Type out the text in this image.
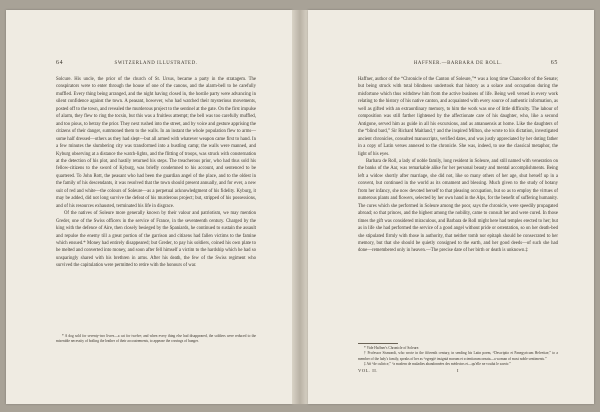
64	SWITZERLAND ILLUSTRATED.

Solcure. His uncle, the prior of the church of St. Ursus, became a party in the stratagem. The conspirators were to enter through the house of one of the canons, and the alarm-bell to be carefully muffled. Every thing being arranged, and the night having closed in, the hostile party were advancing in silent confidence against the town. A peasant, however, who had watched their mysterious movements, posted off to the town, and revealed the murderous project to the sentinel at the gate. On the first impulse of alarm, they flew to ring the tocsin, but this was a fruitless attempt; the bell was too carefully muffled, and too pious, to betray the prior. They next rushed into the street, and by voice and gesture apprising the citizens of their danger, summoned them to the walls. In an instant the whole population flew to arms—some half dressed—others as they had slept—but all armed with whatever weapon came first to hand. In a few minutes the slumbering city was transformed into a bustling camp; the walls were manned, and Kyburg observing at a distance the watch-lights, and the flitting of troops, was struck with consternation at the detection of his plot, and hastily returned his steps. The treacherous prior, who had thus sold his fellow-citizens to the sword of Kyburg, was briefly condemned to his account, and sentenced to be quartered. To John Rott, the peasant who had been the guardian angel of the place, and to the oldest in the family of his descendants, it was resolved that the town should present annually, and for ever, a new suit of red and white—the colours of Soleure—as a perpetual acknowledgment of his fidelity. Kyburg, it may be added, did not long survive the defeat of his murderous project; but, stripped of his possessions, and of his resources exhausted, terminated his life in disgrace.

Of the natives of Soleure more generally known by their valour and patriotism, we may mention Greder, one of the Swiss officers in the service of France, in the seventeenth century. Charged by the king with the defence of Aire, then closely besieged by the Spaniards, he continued to sustain the assault and repulse the enemy till a great portion of the garrison and citizens had fallen victims to the famine which ensued.* Money had entirely disappeared; but Greder, to pay his soldiers, coined his own plate to be melted and converted into money, and soon after fell himself a victim to the hardship which he had so unsparingly shared with his brethren in arms. After his death, the few of the Swiss regiment who survived the capitulation were permitted to retire with the honours of war.

* A dog sold for seventy-two livres—a cat for twelve; and when every thing else had disappeared, the soldiers were reduced to the miserable necessity of boiling the leather of their accoutrements, to appease the cravings of hunger.

HAFFNER.—BARBARA DE ROLL.	65

Haffner, author of the “Chronicle of the Canton of Soleure,”* was a long time Chancellor of the Senate; but being struck with total blindness undertook that history as a solace and occupation during the misfortune which thus withdrew him from the active business of life. Being well versed in every work relating to the history of his native canton, and acquainted with every source of authentic information, as well as gifted with an extraordinary memory, to him the work was one of little difficulty. The labour of composition was still farther lightened by the affectionate care of his daughter, who, like a second Antigone, served him as guide in all his excursions, and as amanuensis at home. Like the daughters of the “blind bard,” Sir Richard Maitland,† and the inspired Milton, she wrote to his dictation, investigated ancient chronicles, consulted manuscripts, verified dates, and was justly appreciated by her doting father in a copy of Latin verses annexed to the chronicle. She was, indeed, to use the classical metaphor, the light of his eyes.

Barbara de Roll, a lady of noble family, long resident in Soleure, and still named with veneration on the banks of the Aar, was remarkable alike for her personal beauty and mental accomplishments. Being left a widow shortly after marriage, she did not, like so many others of her age, shut herself up in a convent, but continued in the world as its ornament and blessing. Much given to the study of botany from her infancy, she now devoted herself to that pleasing occupation, but so as to employ the virtues of numerous plants and flowers, selected by her own hand in the Alps, for the benefit of suffering humanity. The cures which she performed in Soleure among the poor, says the chronicle, were speedily propagated abroad; so that princes, and the highest among the nobility, came to consult her and were cured. In those times the gift was considered miraculous, and Barbara de Roll might here had temples erected to her; but as in life she had performed the service of a good angel without pride or ostentation, so on her death-bed she stipulated firmly with those in authority, that neither tomb nor epitaph should be consecrated to her memory, but that she should be quietly consigned to the earth, and her good deeds—of such she had done—remembered only in heaven.—The precise date of her birth or death is unknown.‡

* Vide Haffner's Chronicle of Soleure.

† Professor Sismondi, who wrote in the fifteenth century, in sending his Latin poem, “Descriptio et Panegyricum Helvetiae,” to a member of the lady's family, speaks of her as “egregiè insigniá morum et scientiarum ornata—a woman of most noble sentiments.”

‡ Añ “de cultrice,” “a modern de maladies abandonnées des médecins et—qu'elle ne voulut le savoir.”

VOL. II.	I
